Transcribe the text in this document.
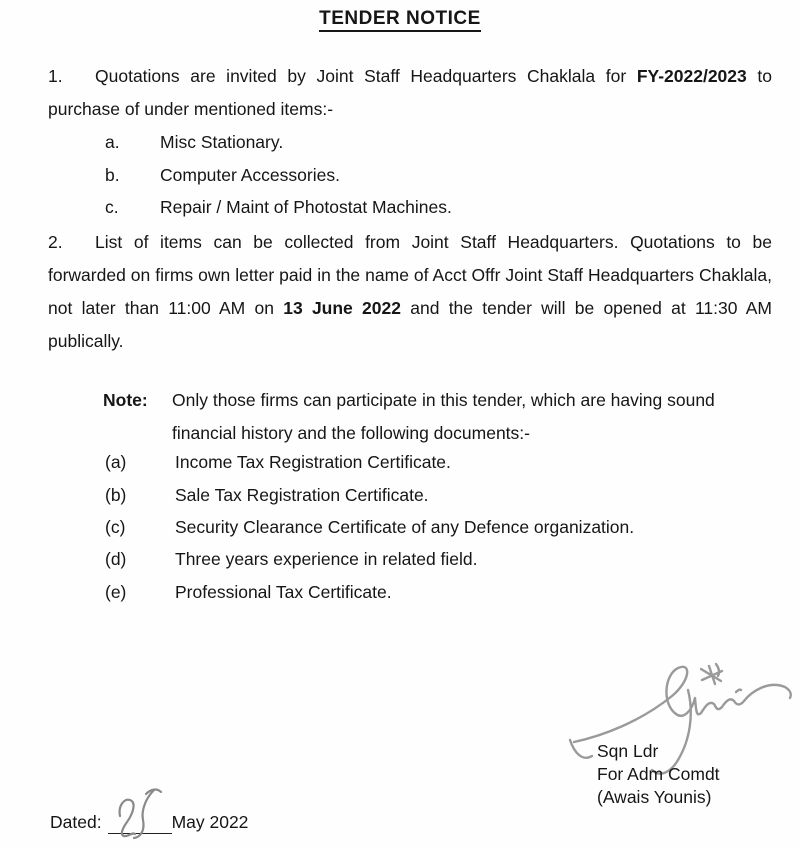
TENDER NOTICE
1. Quotations are invited by Joint Staff Headquarters Chaklala for FY-2022/2023 to purchase of under mentioned items:-
a.	Misc Stationary.
b.	Computer Accessories.
c.	Repair / Maint of Photostat Machines.
2. List of items can be collected from Joint Staff Headquarters. Quotations to be forwarded on firms own letter paid in the name of Acct Offr Joint Staff Headquarters Chaklala, not later than 11:00 AM on 13 June 2022 and the tender will be opened at 11:30 AM publically.
Note:	Only those firms can participate in this tender, which are having sound financial history and the following documents:-
(a)	Income Tax Registration Certificate.
(b)	Sale Tax Registration Certificate.
(c)	Security Clearance Certificate of any Defence organization.
(d)	Three years experience in related field.
(e)	Professional Tax Certificate.
Sqn Ldr
For Adm Comdt
(Awais Younis)
Dated:	May 2022
